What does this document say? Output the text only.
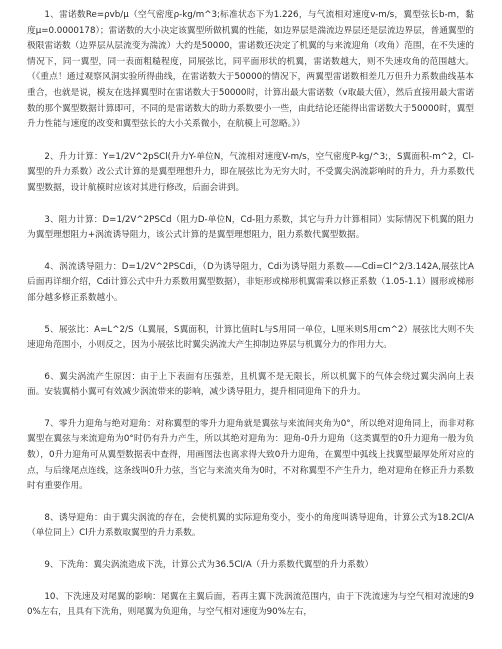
1、雷诺数Re=ρvb/μ（空气密度ρ-kg/m^3;标准状态下为1.226，与气流相对速度v-m/s，翼型弦长b-m，黏度μ=0.0000178）；雷诺数的大小决定该翼型所做机翼的性能，如边界层是湍流边界层还是层流边界层，普通翼型的极限雷诺数（边界层从层流变为湍流）大约是50000，雷诺数还决定了机翼的与来流迎角（攻角）范围，在不失速的情况下，同一翼型，同一表面粗糙程度，同展弦比，同平面形状的机翼，雷诺数越大，则不失速攻角的范围越大。（《重点！通过观察风洞实验所得曲线，在雷诺数大于50000的情况下，两翼型雷诺数相差几万但升力系数曲线基本重合，也就是说，模友在选择翼型时在雷诺数大于50000时，计算出最大雷诺数（v取最大值），然后直接用最大雷诺数的那个翼型数据计算即可，不同的是雷诺数大的助力系数要小一些，由此结论还能得出雷诺数大于50000时，翼型升力性能与速度的改变和翼型弦长的大小关系微小，在航模上可忽略。》）

2、升力计算：Y=1/2V^2pSCl(升力Y-单位N，气流相对速度V-m/s，空气密度P-kg/^3;，S翼面积-m^2，Cl-翼型的升力系数）改公式计算的是翼型理想升力，即在展弦比为无穷大时，不受翼尖涡流影响时的升力，升力系数代翼型数据，设计航模时应该对其进行修改，后面会讲到。

3、阻力计算：D=1/2V^2PSCd（阻力D-单位N，Cd-阻力系数，其它与升力计算相同）实际情况下机翼的阻力为翼型理想阻力+涡流诱导阻力，该公式计算的是翼型理想阻力，阻力系数代翼型数据。

4、涡流诱导阻力：D=1/2V^2PSCdi，（D为诱导阻力，Cdi为诱导阻力系数——Cdi=Cl^2/3.142A,展弦比A后面再详细介绍，Cdi计算公式中升力系数用翼型数据），非矩形或梯形机翼需乘以修正系数（1.05-1.1）圆形或梯形部分越多修正系数越小。

5、展弦比：A=L^2/S（L翼展，S翼面积，计算比值时L与S用同一单位，L厘米则S用cm^2）展弦比大则不失速迎角范围小，小则反之，因为小展弦比时翼尖涡流大产生抑制边界层与机翼分力的作用力大。

6、翼尖涡流产生原因：由于上下表面有压强差，且机翼不是无限长，所以机翼下的气体会绕过翼尖涡向上表面。安装翼梢小翼可有效减少涡流带来的影响，减少诱导阻力，提升相同迎角下的升力。

7、零升力迎角与绝对迎角：对称翼型的零升力迎角就是翼弦与来流间夹角为0°，所以绝对迎角同上，而非对称翼型在翼弦与来流迎角为0°时仍有升力产生，所以其绝对迎角为：迎角-0升力迎角（这类翼型的0升力迎角一般为负数），0升力迎角可从翼型数据表中查得，用画图法也离求得大致0升力迎角，在翼型中弧线上找翼型最厚处所对应的点，与后缘尾点连线，这条线叫0升力弦，当它与来流夹角为0时，不对称翼型不产生升力，绝对迎角在修正升力系数时有重要作用。

8、诱导迎角：由于翼尖涡流的存在，会使机翼的实际迎角变小，变小的角度叫诱导迎角，计算公式为18.2Cl/A（单位同上）Cl升力系数取翼型的升力系数。

9、下洗角：翼尖涡流造成下洗，计算公式为36.5Cl/A（升力系数代翼型的升力系数）

10、下洗速及对尾翼的影响：尾翼在主翼后面，若再主翼下洗涡流范围内，由于下洗流速为与空气相对流速的90%左右，且具有下洗角，则尾翼为负迎角，与空气相对速度为90%左右，
